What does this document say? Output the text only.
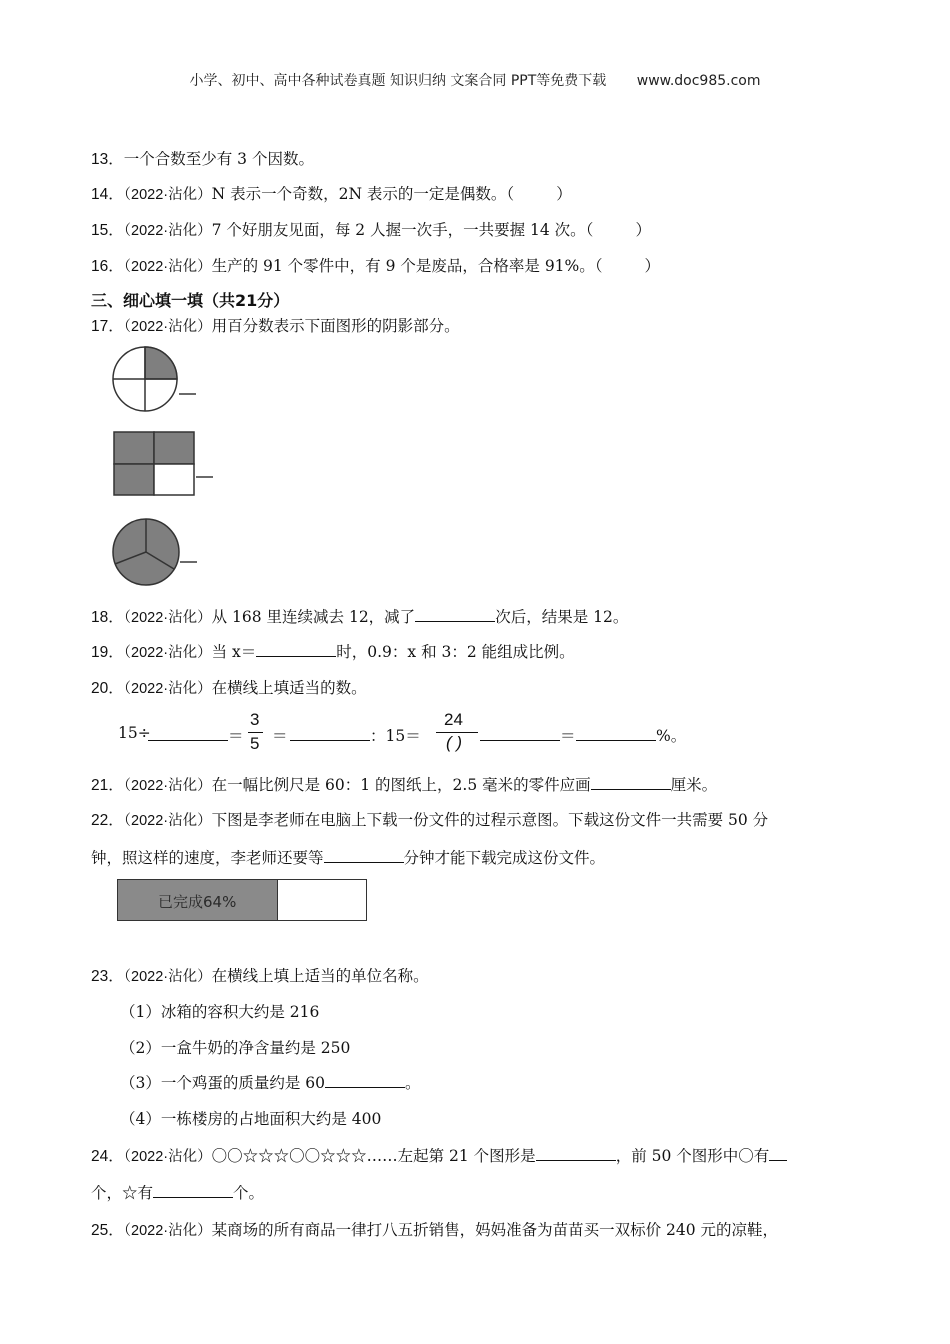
小学、初中、高中各种试卷真题 知识归纳 文案合同 PPT等免费下载 www.doc985.com
13．一个合数至少有 3 个因数。
14．（2022·沾化）N 表示一个奇数，2N 表示的一定是偶数。（	）
15．（2022·沾化）7 个好朋友见面，每 2 人握一次手，一共要握 14 次。（	）
16．（2022·沾化）生产的 91 个零件中，有 9 个是废品，合格率是 91%。（	）
三、细心填一填（共21分）
17．（2022·沾化）用百分数表示下面图形的阴影部分。
18．（2022·沾化）从 168 里连续减去 12，减了	次后，结果是 12。
19．（2022·沾化）当 x＝	时，0.9：x 和 3：2 能组成比例。
20．（2022·沾化）在横线上填适当的数。
15÷	＝
3
5 ＝	：15＝
24
( )	＝	%。
21．（2022·沾化）在一幅比例尺是 60：1 的图纸上，2.5 毫米的零件应画	厘米。
22．（2022·沾化）下图是李老师在电脑上下载一份文件的过程示意图。下载这份文件一共需要 50 分
钟，照这样的速度，李老师还要等	分钟才能下载完成这份文件。
已完成64%
23．（2022·沾化）在横线上填上适当的单位名称。
（1）冰箱的容积大约是 216
（2）一盒牛奶的净含量约是 250
（3）一个鸡蛋的质量约是 60	。
（4）一栋楼房的占地面积大约是 400
24．（2022·沾化）〇〇☆☆☆〇〇☆☆☆……左起第 21 个图形是	，前 50 个图形中〇有
个，☆有	个。
25．（2022·沾化）某商场的所有商品一律打八五折销售，妈妈准备为苗苗买一双标价 240 元的凉鞋，
